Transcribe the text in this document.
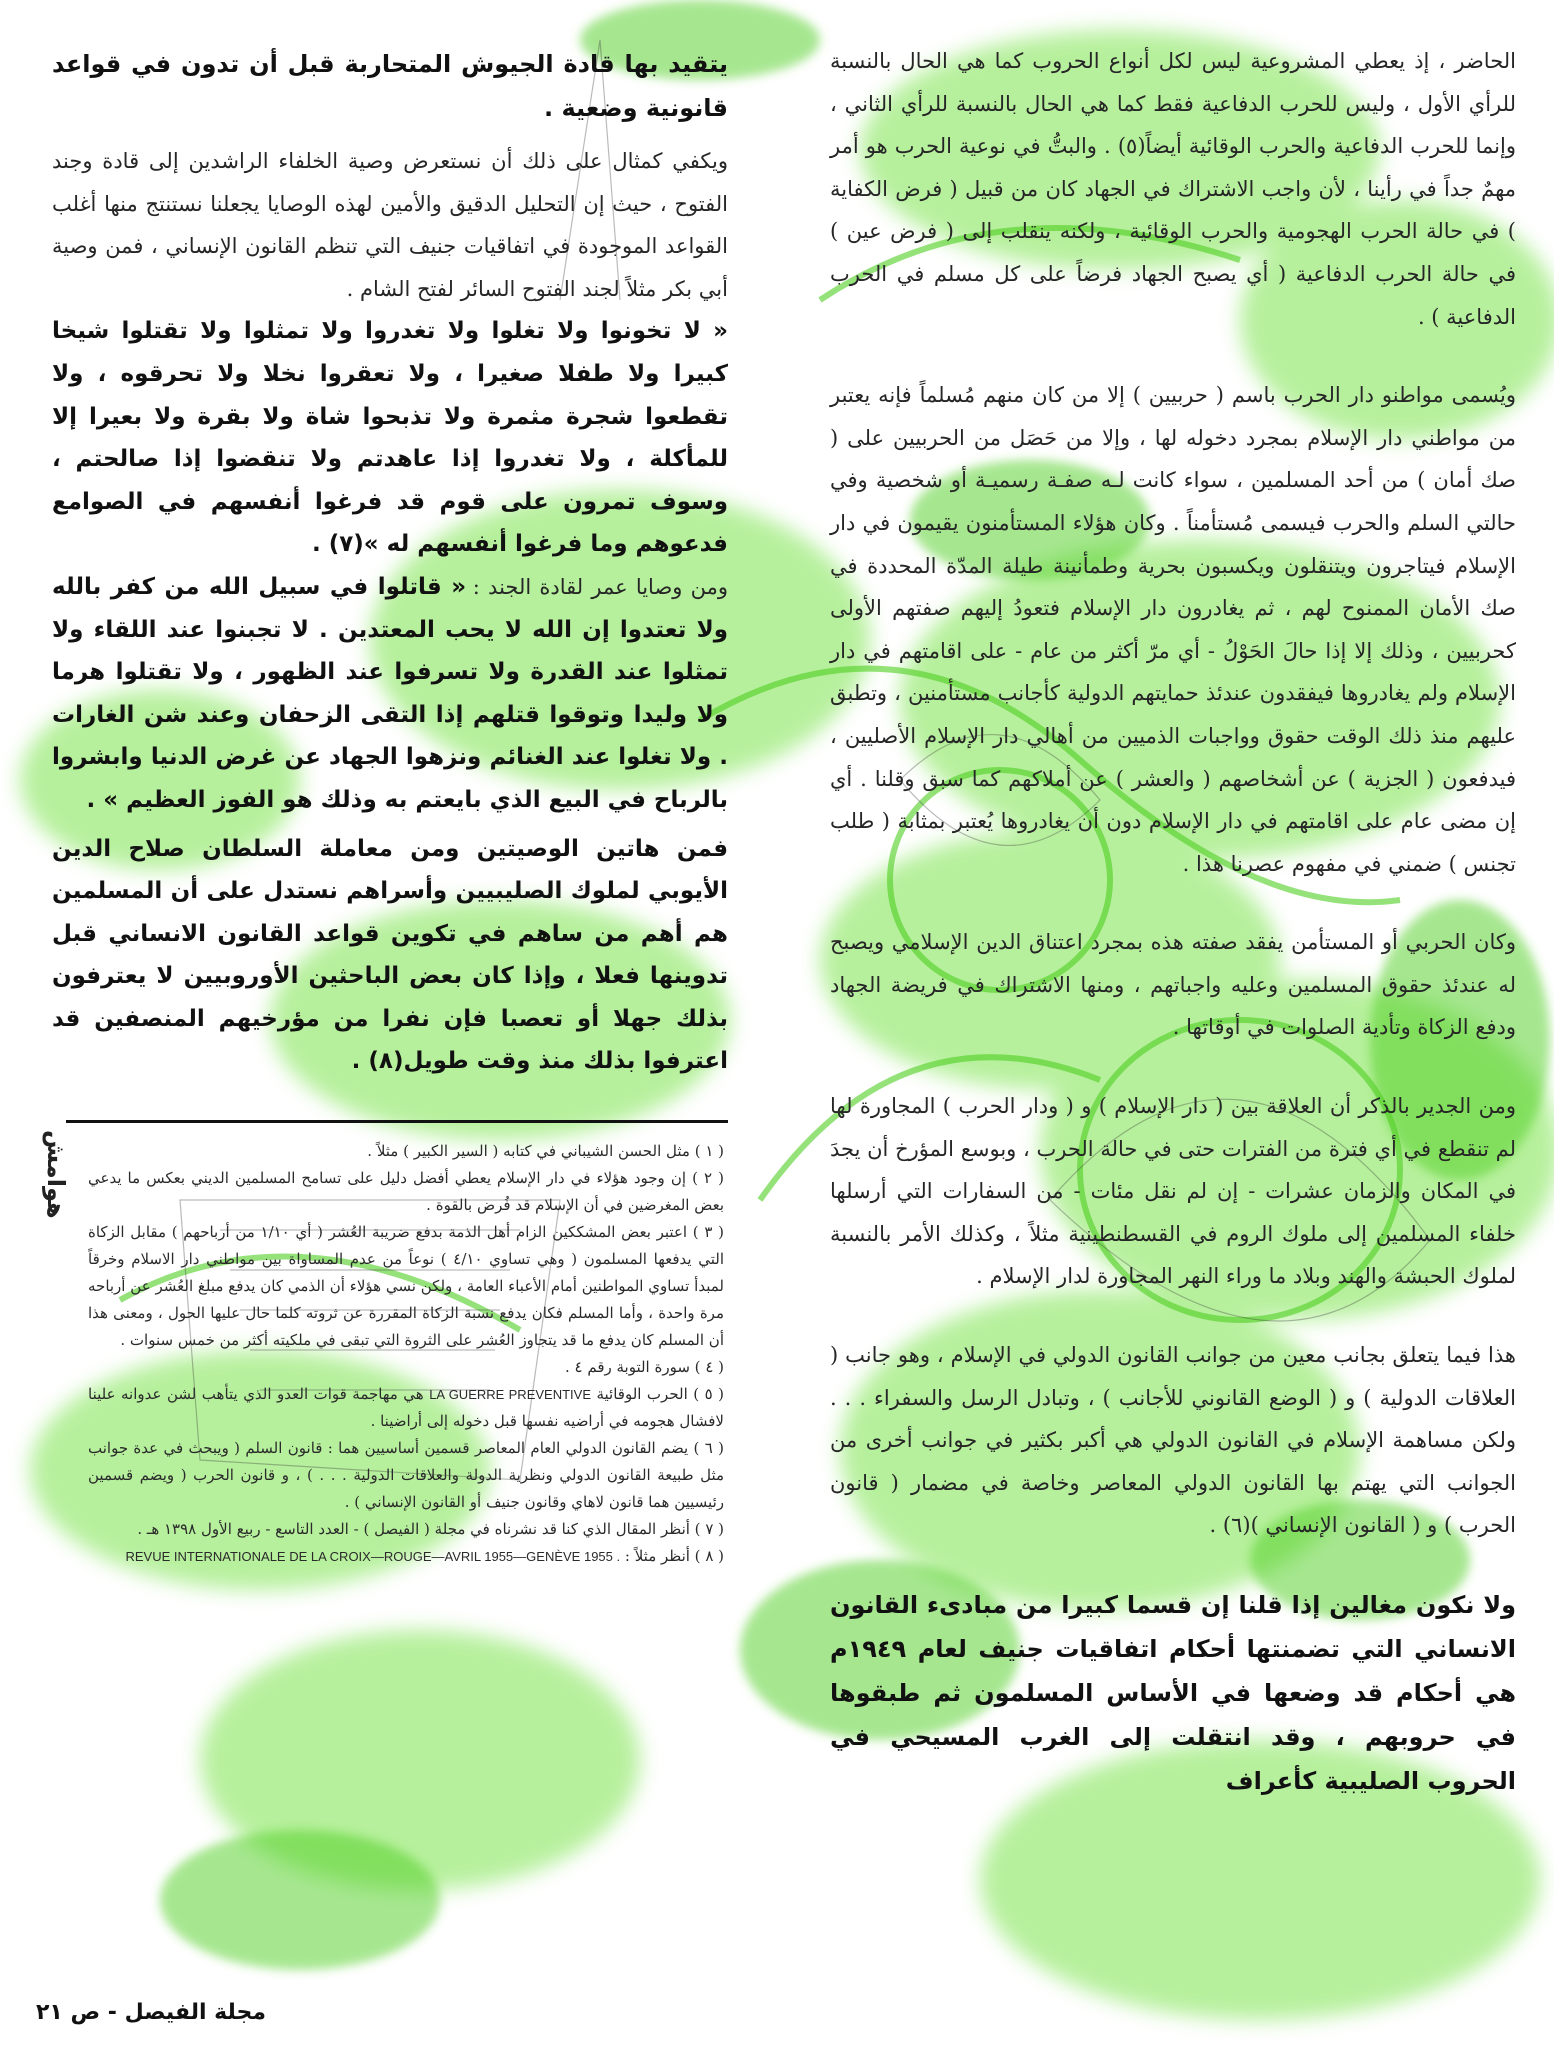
الحاضر ، إذ يعطي المشروعية ليس لكل أنواع الحروب كما هي الحال بالنسبة للرأي الأول ، وليس للحرب الدفاعية فقط كما هي الحال بالنسبة للرأي الثاني ، وإنما للحرب الدفاعية والحرب الوقائية أيضاً(٥) . والبتُّ في نوعية الحرب هو أمر مهمٌ جداً في رأينا ، لأن واجب الاشتراك في الجهاد كان من قبيل ( فرض الكفاية ) في حالة الحرب الهجومية والحرب الوقائية ، ولكنه ينقلب إلى ( فرض عين ) في حالة الحرب الدفاعية ( أي يصبح الجهاد فرضاً على كل مسلم في الحرب الدفاعية ) .

ويُسمى مواطنو دار الحرب باسم ( حربيين ) إلا من كان منهم مُسلماً فإنه يعتبر من مواطني دار الإسلام بمجرد دخوله لها ، وإلا من حَصَل من الحربيين على ( صك أمان ) من أحد المسلمين ، سواء كانت لـه صفـة رسميـة أو شخصية وفي حالتي السلم والحرب فيسمى مُستأمناً . وكان هؤلاء المستأمنون يقيمون في دار الإسلام فيتاجرون ويتنقلون ويكسبون بحرية وطمأنينة طيلة المدّة المحددة في صك الأمان الممنوح لهم ، ثم يغادرون دار الإسلام فتعودُ إليهم صفتهم الأولى كحربيين ، وذلك إلا إذا حالَ الحَوْلُ - أي مرّ أكثر من عام - على اقامتهم في دار الإسلام ولم يغادروها فيفقدون عندئذ حمايتهم الدولية كأجانب مستأمنين ، وتطبق عليهم منذ ذلك الوقت حقوق وواجبات الذميين من أهالي دار الإسلام الأصليين ، فيدفعون ( الجزية ) عن أشخاصهم ( والعشر ) عن أملاكهم كما سبق وقلنا . أي إن مضى عام على اقامتهم في دار الإسلام دون أن يغادروها يُعتبر بمثابة ( طلب تجنس ) ضمني في مفهوم عصرنا هذا .

وكان الحربي أو المستأمن يفقد صفته هذه بمجرد اعتناق الدين الإسلامي ويصبح له عندئذ حقوق المسلمين وعليه واجباتهم ، ومنها الاشتراك في فريضة الجهاد ودفع الزكاة وتأدية الصلوات في أوقاتها .

ومن الجدير بالذكر أن العلاقة بين ( دار الإسلام ) و ( ودار الحرب ) المجاورة لها لم تنقطع في أي فترة من الفترات حتى في حالة الحرب ، وبوسع المؤرخ أن يجدَ في المكان والزمان عشرات - إن لم نقل مئات - من السفارات التي أرسلها خلفاء المسلمين إلى ملوك الروم في القسطنطينية مثلاً ، وكذلك الأمر بالنسبة لملوك الحبشة والهند وبلاد ما وراء النهر المجاورة لدار الإسلام .

هذا فيما يتعلق بجانب معين من جوانب القانون الدولي في الإسلام ، وهو جانب ( العلاقات الدولية ) و ( الوضع القانوني للأجانب ) ، وتبادل الرسل والسفراء . . . ولكن مساهمة الإسلام في القانون الدولي هي أكبر بكثير في جوانب أخرى من الجوانب التي يهتم بها القانون الدولي المعاصر وخاصة في مضمار ( قانون الحرب ) و ( القانون الإنساني )(٦) .

ولا نكون مغالين إذا قلنا إن قسما كبيرا من مبادىء القانون الانساني التي تضمنتها أحكام اتفاقيات جنيف لعام ١٩٤٩م هي أحكام قد وضعها في الأساس المسلمون ثم طبقوها في حروبهم ، وقد انتقلت إلى الغرب المسيحي في الحروب الصليبية كأعراف

يتقيد بها قادة الجيوش المتحاربة قبل أن تدون في قواعد قانونية وضعية .

ويكفي كمثال على ذلك أن نستعرض وصية الخلفاء الراشدين إلى قادة وجند الفتوح ، حيث إن التحليل الدقيق والأمين لهذه الوصايا يجعلنا نستنتج منها أغلب القواعد الموجودة في اتفاقيات جنيف التي تنظم القانون الإنساني ، فمن وصية أبي بكر مثلاً لجند الفتوح السائر لفتح الشام .

« لا تخونوا ولا تغلوا ولا تغدروا ولا تمثلوا ولا تقتلوا شيخا كبيرا ولا طفلا صغيرا ، ولا تعقروا نخلا ولا تحرقوه ، ولا تقطعوا شجرة مثمرة ولا تذبحوا شاة ولا بقرة ولا بعيرا إلا للمأكلة ، ولا تغدروا إذا عاهدتم ولا تنقضوا إذا صالحتم ، وسوف تمرون على قوم قد فرغوا أنفسهم في الصوامع فدعوهم وما فرغوا أنفسهم له »(٧) .

ومن وصايا عمر لقادة الجند :

« قاتلوا في سبيل الله من كفر بالله ولا تعتدوا إن الله لا يحب المعتدين . لا تجبنوا عند اللقاء ولا تمثلوا عند القدرة ولا تسرفوا عند الظهور ، ولا تقتلوا هرما ولا وليدا وتوقوا قتلهم إذا التقى الزحفان وعند شن الغارات . ولا تغلوا عند الغنائم ونزهوا الجهاد عن غرض الدنيا وابشروا بالرباح في البيع الذي بايعتم به وذلك هو الفوز العظيم » .

فمن هاتين الوصيتين ومن معاملة السلطان صلاح الدين الأيوبي لملوك الصليبيين وأسراهم نستدل على أن المسلمين هم أهم من ساهم في تكوين قواعد القانون الانساني قبل تدوينها فعلا ، وإذا كان بعض الباحثين الأوروبيين لا يعترفون بذلك جهلا أو تعصبا فإن نفرا من مؤرخيهم المنصفين قد اعترفوا بذلك منذ وقت طويل(٨) .

هوامش	( ١ ) مثل الحسن الشيباني في كتابه ( السير الكبير ) مثلاً .

( ٢ ) إن وجود هؤلاء في دار الإسلام يعطي أفضل دليل على تسامح المسلمين الديني بعكس ما يدعي بعض المغرضين في أن الإسلام قد فُرض بالقوة .

( ٣ ) اعتبر بعض المشككين الزام أهل الذمة بدفع ضريبة العُشر ( أي ١/١٠ من أرباحهم ) مقابل الزكاة التي يدفعها المسلمون ( وهي تساوي ٤/١٠ ) نوعاً من عدم المساواة بين مواطني دار الاسلام وخرقاً لمبدأ تساوي المواطنين أمام الأعباء العامة ، ولكن نسي هؤلاء أن الذمي كان يدفع مبلغ العُشر عن أرباحه مرة واحدة ، وأما المسلم فكان يدفع نسبة الزكاة المقررة عن ثروته كلما حال عليها الحول ، ومعنى هذا أن المسلم كان يدفع ما قد يتجاوز العُشر على الثروة التي تبقى في ملكيته أكثر من خمس سنوات .

( ٤ ) سورة التوبة رقم ٤ .

( ٥ ) الحرب الوقائية LA GUERRE PREVENTIVE هي مهاجمة قوات العدو الذي يتأهب لشن عدوانه علينا لافشال هجومه في أراضيه نفسها قبل دخوله إلى أراضينا .

( ٦ ) يضم القانون الدولي العام المعاصر قسمين أساسيين هما : قانون السلم ( ويبحث في عدة جوانب مثل طبيعة القانون الدولي ونظرية الدولة والعلاقات الدولية . . . ) ، و قانون الحرب ( ويضم قسمين رئيسيين هما قانون لاهاي وقانون جنيف أو القانون الإنساني ) .

( ٧ ) أنظر المقال الذي كنا قد نشرناه في مجلة ( الفيصل ) - العدد التاسع - ربيع الأول ١٣٩٨ هـ .

( ٨ ) أنظر مثلاً : REVUE INTERNATIONALE DE LA CROIX—ROUGE—AVRIL 1955—GENÈVE 1955 .

مجلة الفيصل - ص ٢١
